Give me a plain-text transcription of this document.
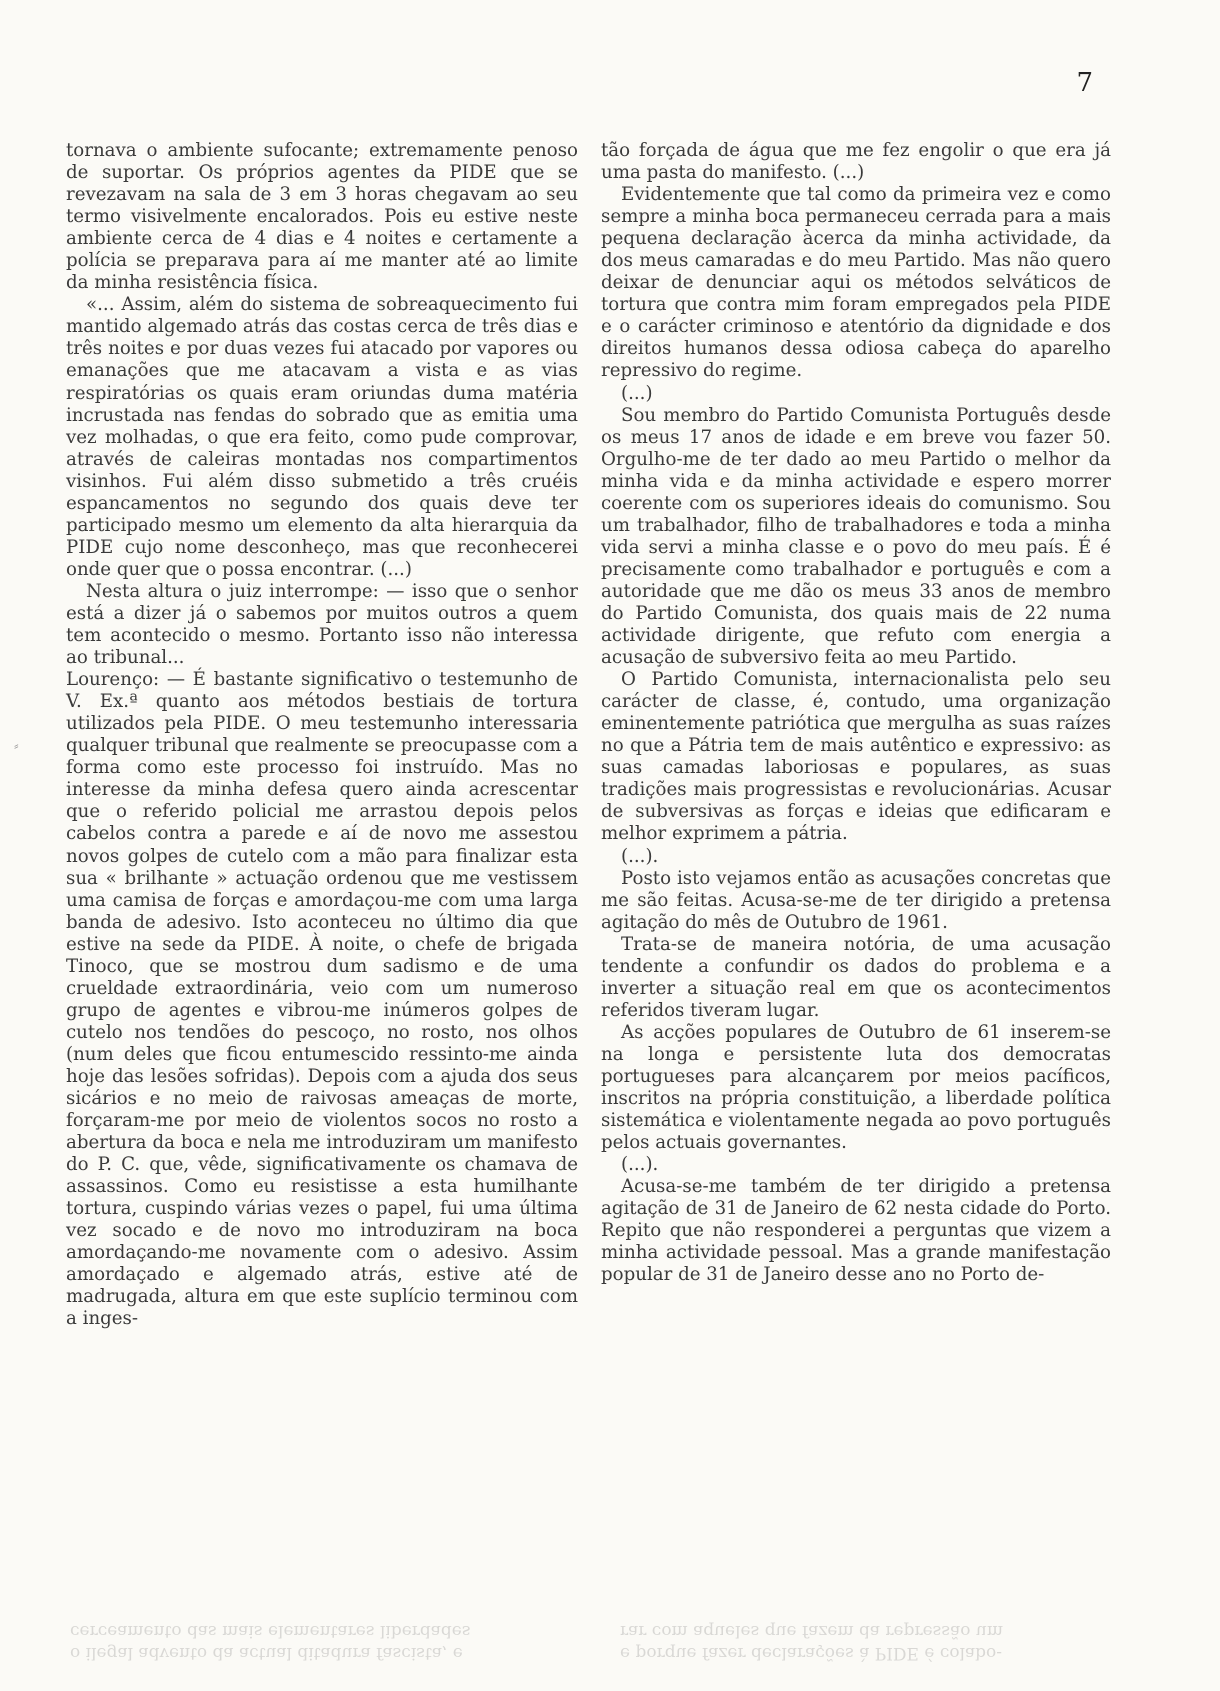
7

tornava o ambiente sufocante; extremamente penoso de suportar. Os próprios agentes da PIDE que se revezavam na sala de 3 em 3 horas chegavam ao seu termo visivelmente encalorados. Pois eu estive neste ambiente cerca de 4 dias e 4 noites e certamente a polícia se preparava para aí me manter até ao limite da minha resistência física.

«... Assim, além do sistema de sobreaquecimento fui mantido algemado atrás das costas cerca de três dias e três noites e por duas vezes fui atacado por vapores ou emanações que me atacavam a vista e as vias respiratórias os quais eram oriundas duma matéria incrustada nas fendas do sobrado que as emitia uma vez molhadas, o que era feito, como pude comprovar, através de caleiras montadas nos compartimentos visinhos. Fui além disso submetido a três cruéis espancamentos no segundo dos quais deve ter participado mesmo um elemento da alta hierarquia da PIDE cujo nome desconheço, mas que reconhecerei onde quer que o possa encontrar. (...)

Nesta altura o juiz interrompe: — isso que o senhor está a dizer já o sabemos por muitos outros a quem tem acontecido o mesmo. Portanto isso não interessa ao tribunal...

Lourenço: — É bastante significativo o testemunho de V. Ex.ª quanto aos métodos bestiais de tortura utilizados pela PIDE. O meu testemunho interessaria qualquer tribunal que realmente se preocupasse com a forma como este processo foi instruído. Mas no interesse da minha defesa quero ainda acrescentar que o referido policial me arrastou depois pelos cabelos contra a parede e aí de novo me assestou novos golpes de cutelo com a mão para finalizar esta sua « brilhante » actuação ordenou que me vestissem uma camisa de forças e amordaçou-me com uma larga banda de adesivo. Isto aconteceu no último dia que estive na sede da PIDE. À noite, o chefe de brigada Tinoco, que se mostrou dum sadismo e de uma crueldade extraordinária, veio com um numeroso grupo de agentes e vibrou-me inúmeros golpes de cutelo nos tendões do pescoço, no rosto, nos olhos (num deles que ficou entumescido ressinto-me ainda hoje das lesões sofridas). Depois com a ajuda dos seus sicários e no meio de raivosas ameaças de morte, forçaram-me por meio de violentos socos no rosto a abertura da boca e nela me introduziram um manifesto do P. C. que, vêde, significativamente os chamava de assassinos. Como eu resistisse a esta humilhante tortura, cuspindo várias vezes o papel, fui uma última vez socado e de novo mo introduziram na boca amordaçando-me novamente com o adesivo. Assim amordaçado e algemado atrás, estive até de madrugada, altura em que este suplício terminou com a inges-

tão forçada de água que me fez engolir o que era já uma pasta do manifesto. (...)

Evidentemente que tal como da primeira vez e como sempre a minha boca permaneceu cerrada para a mais pequena declaração àcerca da minha actividade, da dos meus camaradas e do meu Partido. Mas não quero deixar de denunciar aqui os métodos selváticos de tortura que contra mim foram empregados pela PIDE e o carácter criminoso e atentório da dignidade e dos direitos humanos dessa odiosa cabeça do aparelho repressivo do regime.

(...)

Sou membro do Partido Comunista Português desde os meus 17 anos de idade e em breve vou fazer 50. Orgulho-me de ter dado ao meu Partido o melhor da minha vida e da minha actividade e espero morrer coerente com os superiores ideais do comunismo. Sou um trabalhador, filho de trabalhadores e toda a minha vida servi a minha classe e o povo do meu país. É é precisamente como trabalhador e português e com a autoridade que me dão os meus 33 anos de membro do Partido Comunista, dos quais mais de 22 numa actividade dirigente, que refuto com energia a acusação de subversivo feita ao meu Partido.

O Partido Comunista, internacionalista pelo seu carácter de classe, é, contudo, uma organização eminentemente patriótica que mergulha as suas raízes no que a Pátria tem de mais autêntico e expressivo: as suas camadas laboriosas e populares, as suas tradições mais progressistas e revolucionárias. Acusar de subversivas as forças e ideias que edificaram e melhor exprimem a pátria.

(...).

Posto isto vejamos então as acusações concretas que me são feitas. Acusa-se-me de ter dirigido a pretensa agitação do mês de Outubro de 1961.

Trata-se de maneira notória, de uma acusação tendente a confundir os dados do problema e a inverter a situação real em que os acontecimentos referidos tiveram lugar.

As acções populares de Outubro de 61 inserem-se na longa e persistente luta dos democratas portugueses para alcançarem por meios pacíficos, inscritos na própria constituição, a liberdade política sistemática e violentamente negada ao povo português pelos actuais governantes.

(...).

Acusa-se-me também de ter dirigido a pretensa agitação de 31 de Janeiro de 62 nesta cidade do Porto. Repito que não responderei a perguntas que vizem a minha actividade pessoal. Mas a grande manifestação popular de 31 de Janeiro desse ano no Porto de-

e porque fazer declarações à PIDE é colabo-
rar com aqueles que fazem da repressão um
o ilegal advento da actual ditadura fascista, e
cerceamento das mais elementares liberdades
⸗
